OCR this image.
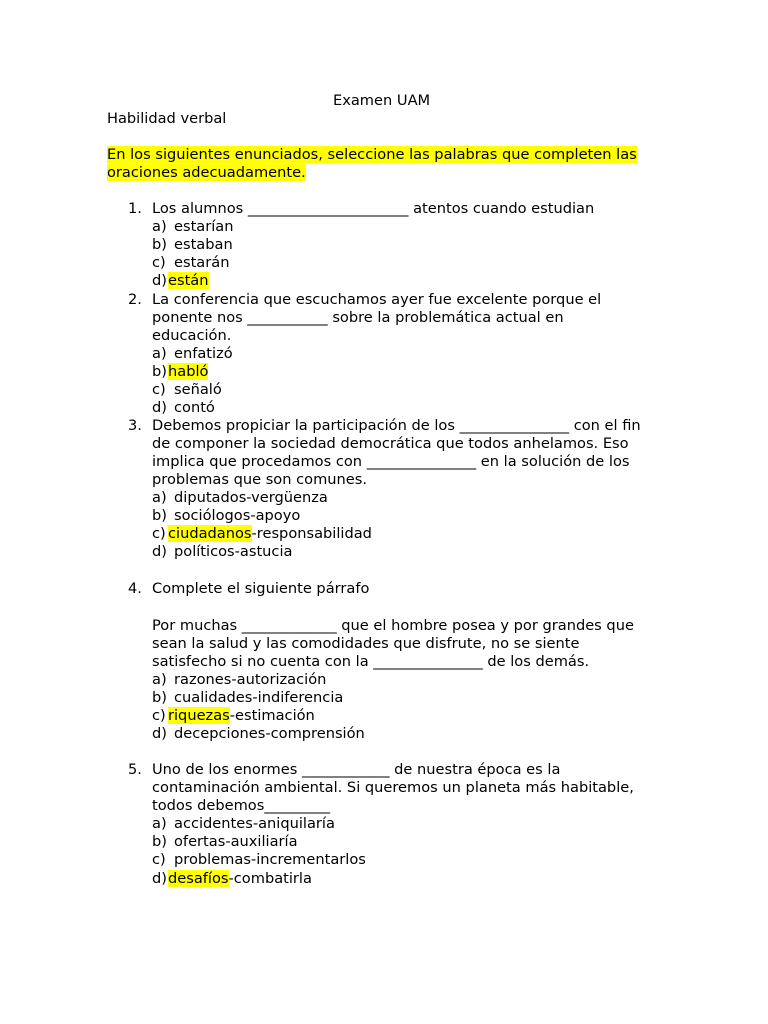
Examen UAM
Habilidad verbal
En los siguientes enunciados, seleccione las palabras que completen las
oraciones adecuadamente.
1. Los alumnos ______________________ atentos cuando estudian
a) estarían
b) estaban
c) estarán
d) están
2. La conferencia que escuchamos ayer fue excelente porque el
ponente nos ___________ sobre la problemática actual en
educación.
a) enfatizó
b) habló
c) señaló
d) contó
3. Debemos propiciar la participación de los _______________ con el fin
de componer la sociedad democrática que todos anhelamos. Eso
implica que procedamos con _______________ en la solución de los
problemas que son comunes.
a) diputados-vergüenza
b) sociólogos-apoyo
c) ciudadanos-responsabilidad
d) políticos-astucia
4. Complete el siguiente párrafo
Por muchas _____________ que el hombre posea y por grandes que
sean la salud y las comodidades que disfrute, no se siente
satisfecho si no cuenta con la _______________ de los demás.
a) razones-autorización
b) cualidades-indiferencia
c) riquezas-estimación
d) decepciones-comprensión
5. Uno de los enormes ____________ de nuestra época es la
contaminación ambiental. Si queremos un planeta más habitable,
todos debemos_________
a) accidentes-aniquilaría
b) ofertas-auxiliaría
c) problemas-incrementarlos
d) desafíos-combatirla
